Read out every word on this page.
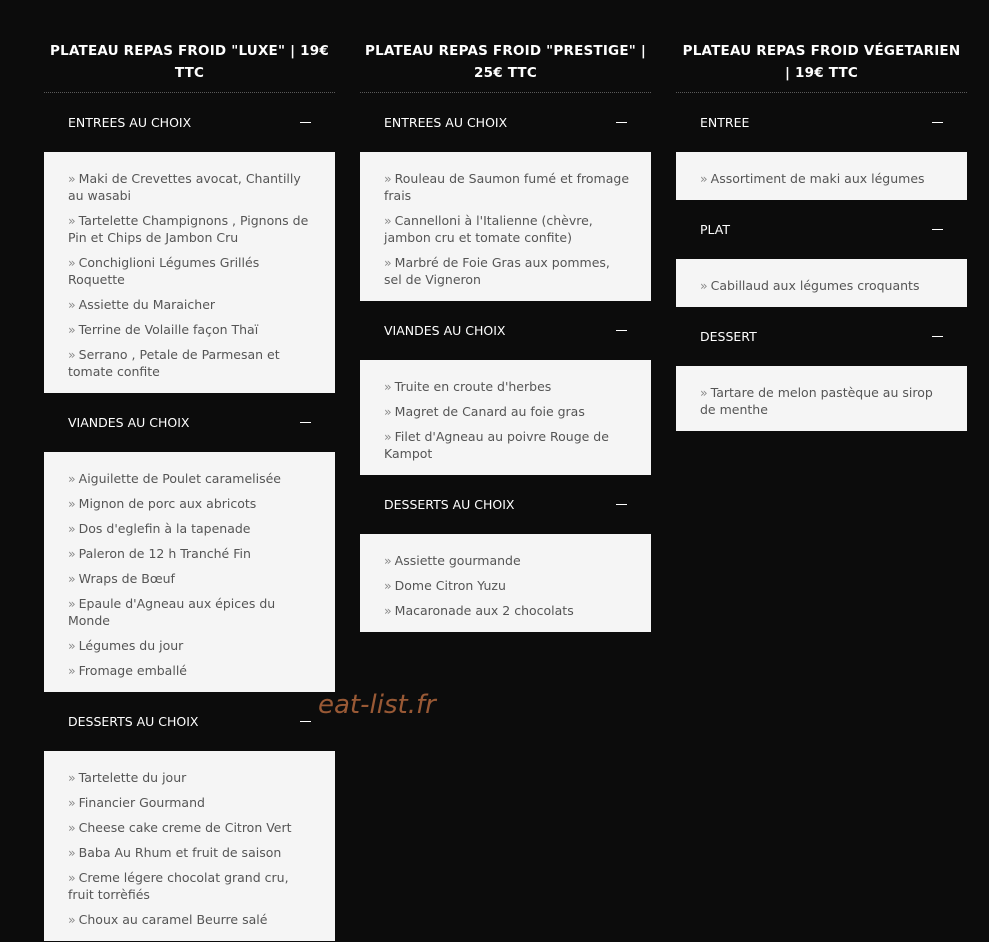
PLATEAU REPAS FROID "LUXE" | 19€ TTC
ENTREES AU CHOIX
» Maki de Crevettes avocat, Chantilly au wasabi
» Tartelette Champignons , Pignons de Pin et Chips de Jambon Cru
» Conchiglioni Légumes Grillés Roquette
» Assiette du Maraicher
» Terrine de Volaille façon Thaï
» Serrano , Petale de Parmesan et tomate confite
VIANDES AU CHOIX
» Aiguilette de Poulet caramelisée
» Mignon de porc aux abricots
» Dos d'eglefin à la tapenade
» Paleron de 12 h Tranché Fin
» Wraps de Bœuf
» Epaule d'Agneau aux épices du Monde
» Légumes du jour
» Fromage emballé
DESSERTS AU CHOIX
» Tartelette du jour
» Financier Gourmand
» Cheese cake creme de Citron Vert
» Baba Au Rhum et fruit de saison
» Creme légere chocolat grand cru, fruit torrèfiés
» Choux au caramel Beurre salé
PLATEAU REPAS FROID "PRESTIGE" | 25€ TTC
ENTREES AU CHOIX
» Rouleau de Saumon fumé et fromage frais
» Cannelloni à l'Italienne (chèvre, jambon cru et tomate confite)
» Marbré de Foie Gras aux pommes, sel de Vigneron
VIANDES AU CHOIX
» Truite en croute d'herbes
» Magret de Canard au foie gras
» Filet d'Agneau au poivre Rouge de Kampot
DESSERTS AU CHOIX
» Assiette gourmande
» Dome Citron Yuzu
» Macaronade aux 2 chocolats
PLATEAU REPAS FROID VÉGETARIEN | 19€ TTC
ENTREE
» Assortiment de maki aux légumes
PLAT
» Cabillaud aux légumes croquants
DESSERT
» Tartare de melon pastèque au sirop de menthe
eat-list.fr
